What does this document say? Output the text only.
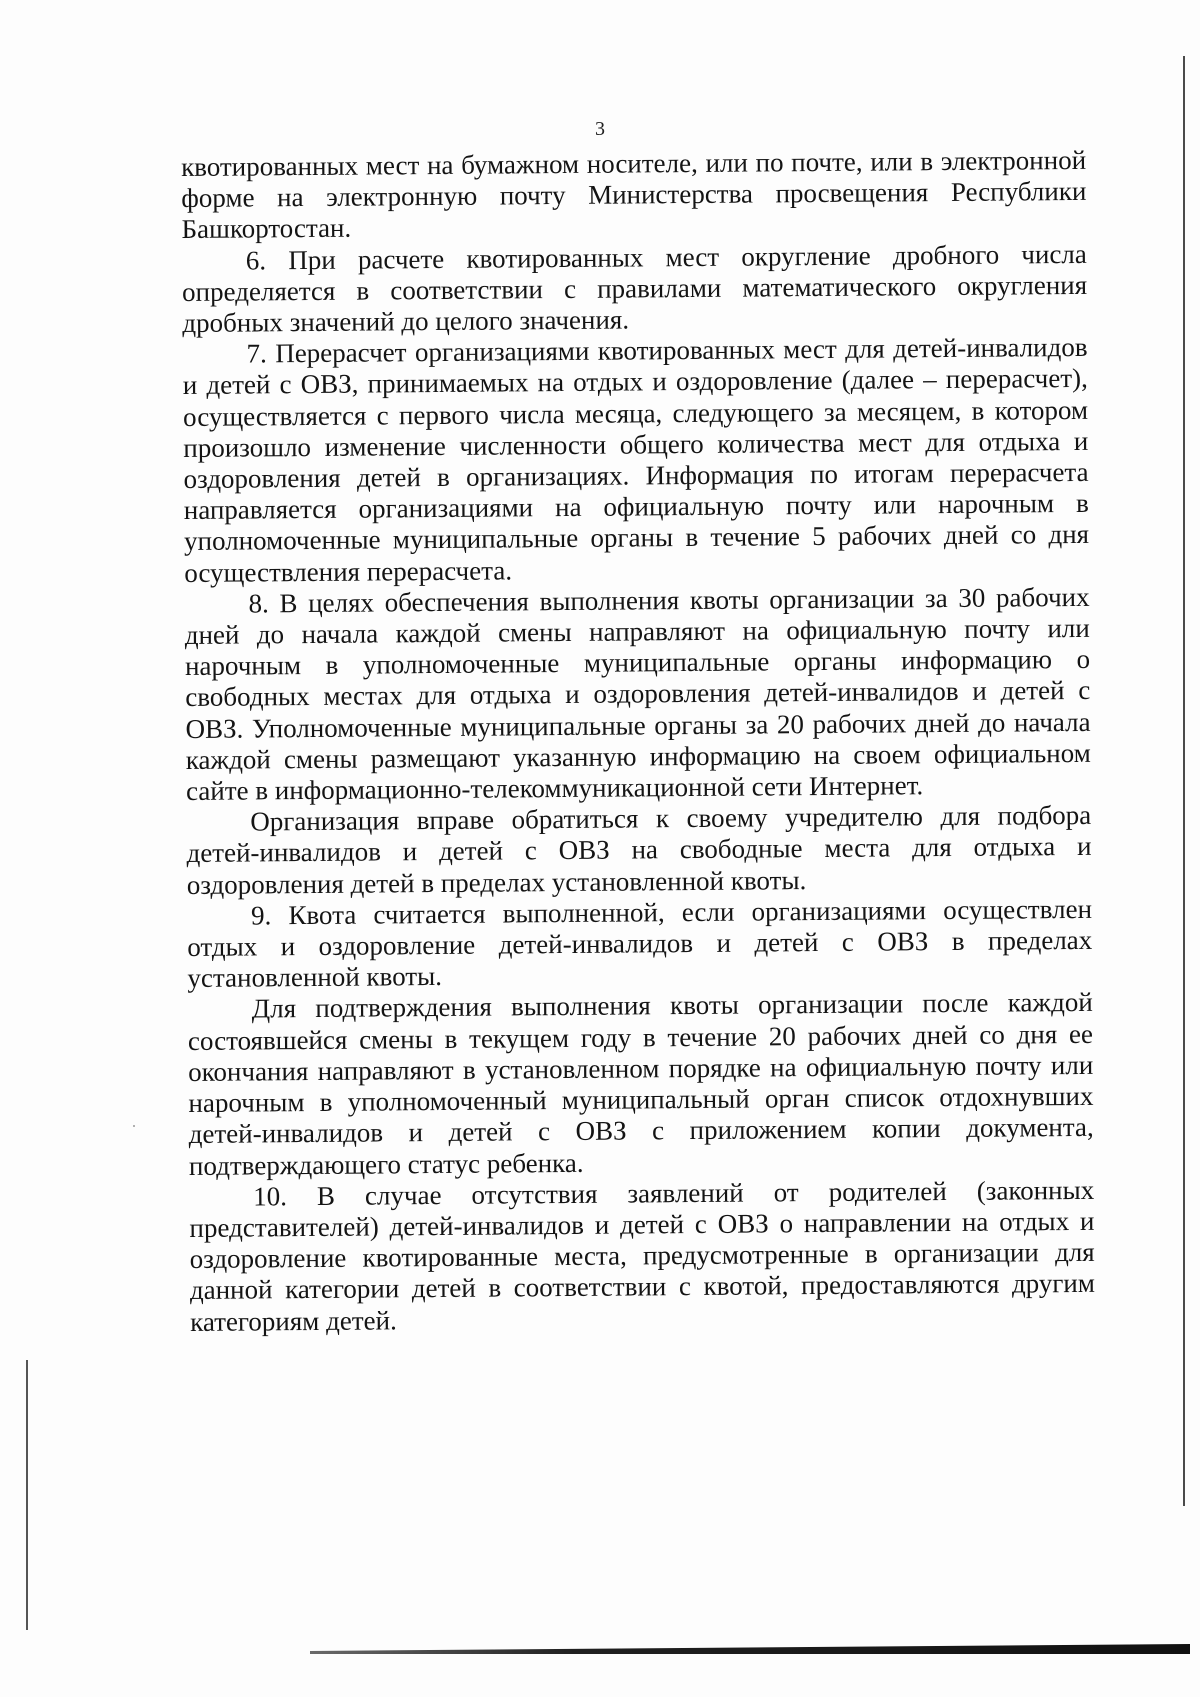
3

квотированных мест на бумажном носителе, или по почте, или в электронной форме на электронную почту Министерства просвещения Республики Башкортостан.

6. При расчете квотированных мест округление дробного числа определяется в соответствии с правилами математического округления дробных значений до целого значения.

7. Перерасчет организациями квотированных мест для детей-инвалидов и детей с ОВЗ, принимаемых на отдых и оздоровление (далее – перерасчет), осуществляется с первого числа месяца, следующего за месяцем, в котором произошло изменение численности общего количества мест для отдыха и оздоровления детей в организациях. Информация по итогам перерасчета направляется организациями на официальную почту или нарочным в уполномоченные муниципальные органы в течение 5 рабочих дней со дня осуществления перерасчета.

8. В целях обеспечения выполнения квоты организации за 30 рабочих дней до начала каждой смены направляют на официальную почту или нарочным в уполномоченные муниципальные органы информацию о свободных местах для отдыха и оздоровления детей-инвалидов и детей с ОВЗ. Уполномоченные муниципальные органы за 20 рабочих дней до начала каждой смены размещают указанную информацию на своем официальном сайте в информационно-телекоммуникационной сети Интернет.

Организация вправе обратиться к своему учредителю для подбора детей-инвалидов и детей с ОВЗ на свободные места для отдыха и оздоровления детей в пределах установленной квоты.

9. Квота считается выполненной, если организациями осуществлен отдых и оздоровление детей-инвалидов и детей с ОВЗ в пределах установленной квоты.

Для подтверждения выполнения квоты организации после каждой состоявшейся смены в текущем году в течение 20 рабочих дней со дня ее окончания направляют в установленном порядке на официальную почту или нарочным в уполномоченный муниципальный орган список отдохнувших детей-инвалидов и детей с ОВЗ с приложением копии документа, подтверждающего статус ребенка.

10. В случае отсутствия заявлений от родителей (законных представителей) детей-инвалидов и детей с ОВЗ о направлении на отдых и оздоровление квотированные места, предусмотренные в организации для данной категории детей в соответствии с квотой, предоставляются другим категориям детей.
